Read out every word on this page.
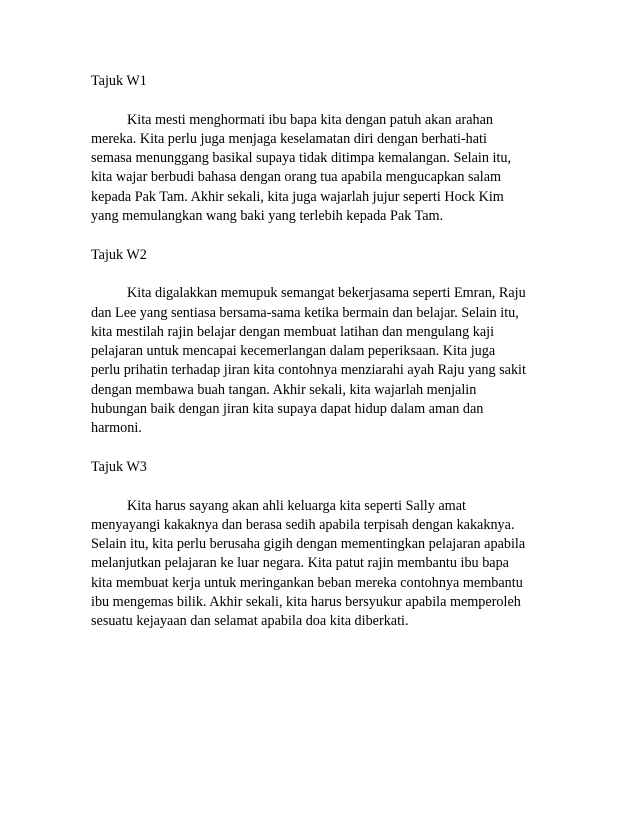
Tajuk W1
Kita mesti menghormati ibu bapa kita dengan patuh akan arahan
mereka. Kita perlu juga menjaga keselamatan diri dengan berhati-hati
semasa menunggang basikal supaya tidak ditimpa kemalangan. Selain itu,
kita wajar berbudi bahasa dengan orang tua apabila mengucapkan salam
kepada Pak Tam. Akhir sekali, kita juga wajarlah jujur seperti Hock Kim
yang memulangkan wang baki yang terlebih kepada Pak Tam.
Tajuk W2
Kita digalakkan memupuk semangat bekerjasama seperti Emran, Raju
dan Lee yang sentiasa bersama-sama ketika bermain dan belajar. Selain itu,
kita mestilah rajin belajar dengan membuat latihan dan mengulang kaji
pelajaran untuk mencapai kecemerlangan dalam peperiksaan. Kita juga
perlu prihatin terhadap jiran kita contohnya menziarahi ayah Raju yang sakit
dengan membawa buah tangan. Akhir sekali, kita wajarlah menjalin
hubungan baik dengan jiran kita supaya dapat hidup dalam aman dan
harmoni.
Tajuk W3
Kita harus sayang akan ahli keluarga kita seperti Sally amat
menyayangi kakaknya dan berasa sedih apabila terpisah dengan kakaknya.
Selain itu, kita perlu berusaha gigih dengan mementingkan pelajaran apabila
melanjutkan pelajaran ke luar negara. Kita patut rajin membantu ibu bapa
kita membuat kerja untuk meringankan beban mereka contohnya membantu
ibu mengemas bilik. Akhir sekali, kita harus bersyukur apabila memperoleh
sesuatu kejayaan dan selamat apabila doa kita diberkati.
